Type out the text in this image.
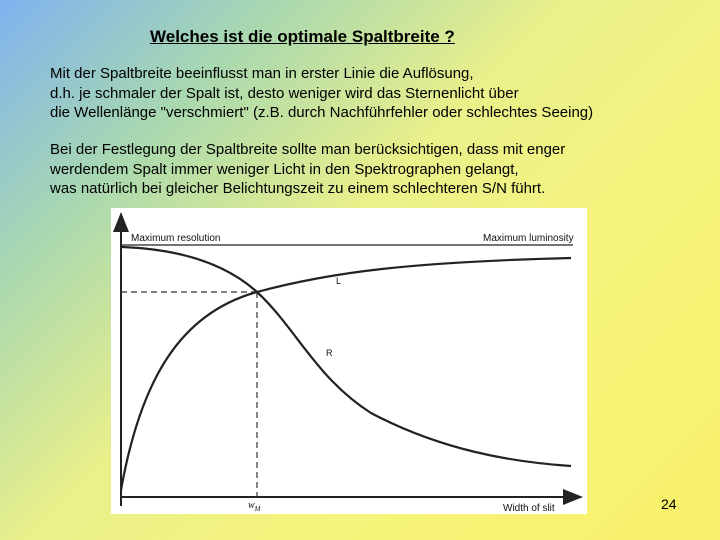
Welches ist die optimale Spaltbreite ?
Mit der Spaltbreite beeinflusst man in erster Linie die Auflösung,
d.h. je schmaler der Spalt ist, desto weniger wird das Sternenlicht über
die Wellenlänge "verschmiert" (z.B. durch Nachführfehler oder schlechtes Seeing)
Bei der Festlegung der Spaltbreite sollte man berücksichtigen, dass mit enger
werdendem Spalt immer weniger Licht in den Spektrographen gelangt,
was natürlich bei gleicher Belichtungszeit zu einem schlechteren S/N führt.
Maximum resolution	Maximum luminosity
L
R
$w_M$	Width of slit	24
